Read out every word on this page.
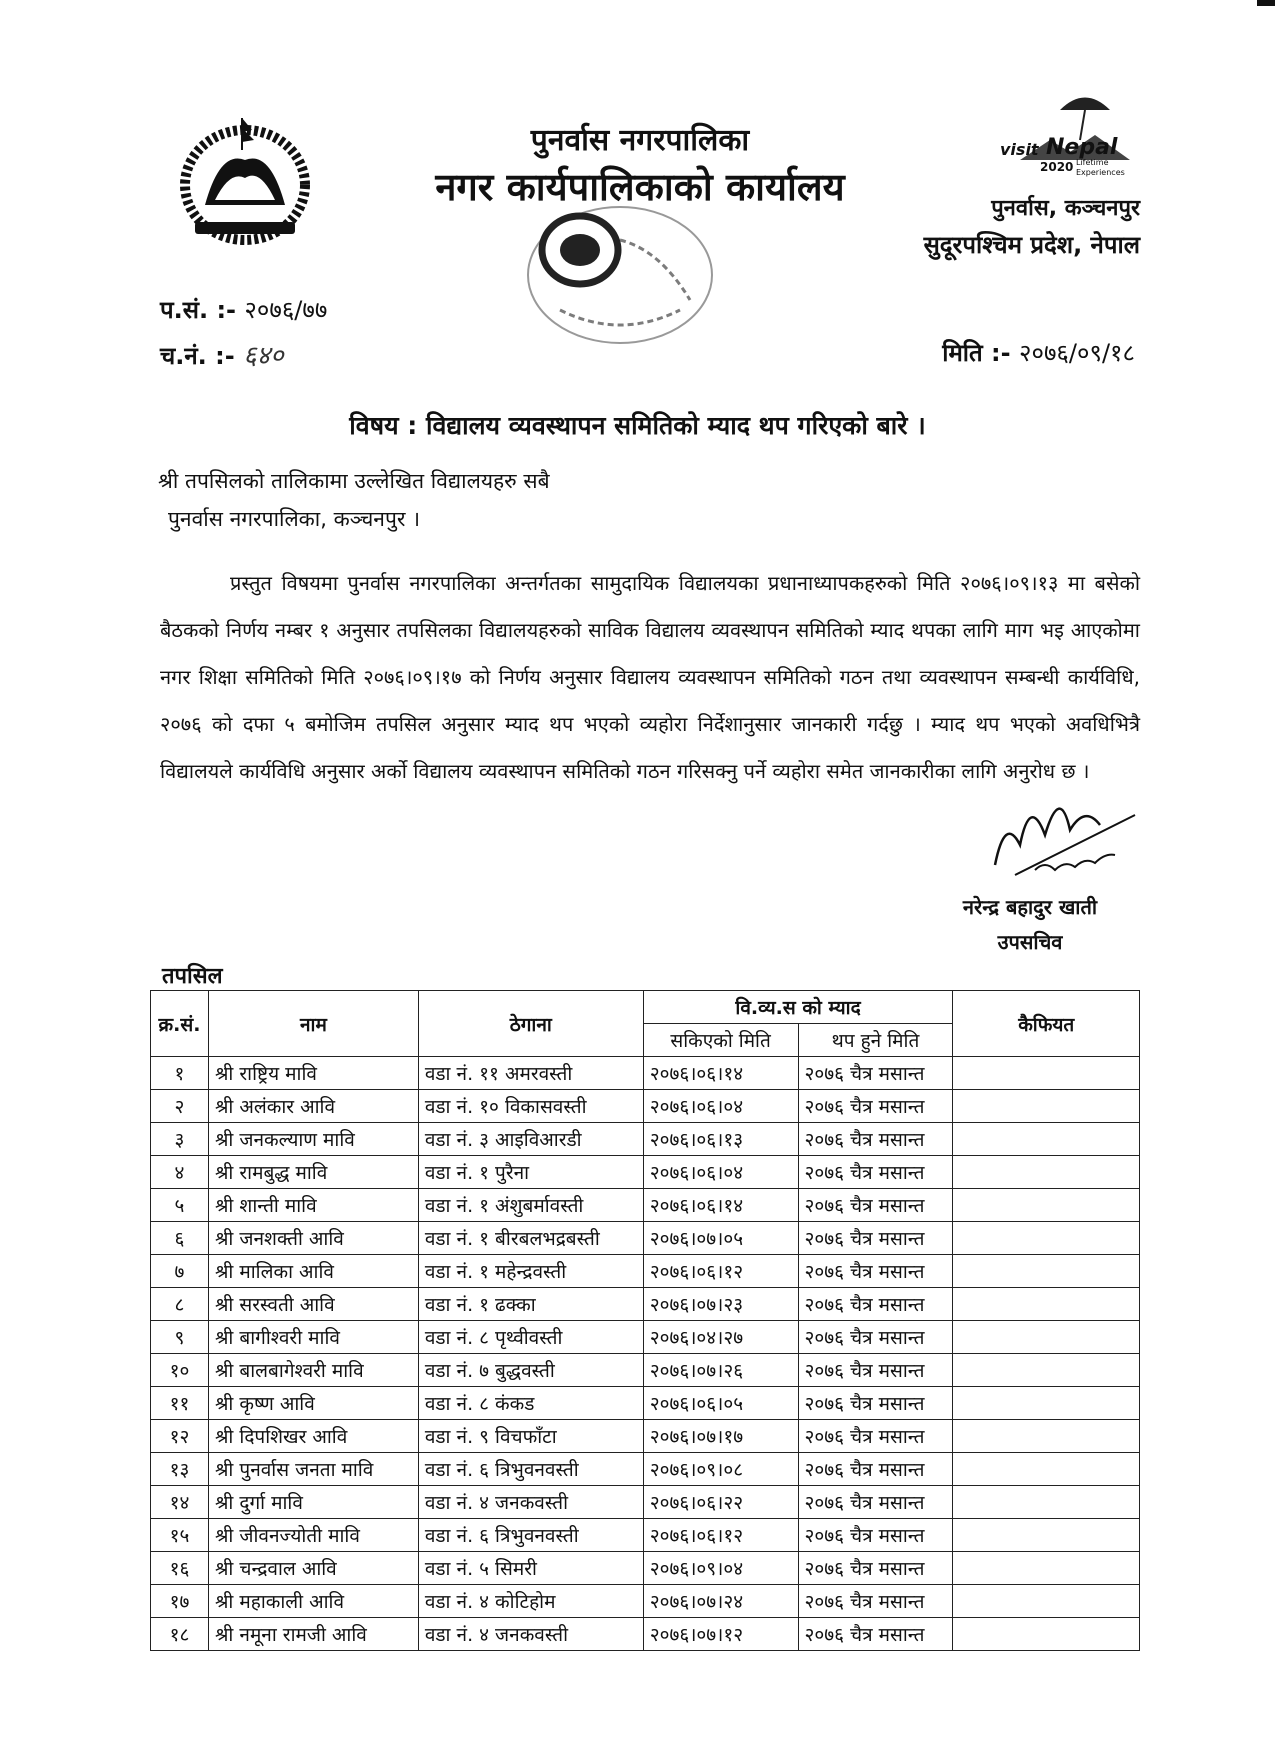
पुनर्वास नगरपालिका
नगर कार्यपालिकाको कार्यालय
visit Nepal
2020 Lifetime
Experiences
पुनर्वास, कञ्चनपुर
सुदूरपश्चिम प्रदेश, नेपाल
प.सं. :- २०७६/७७
च.नं. :- ६४०	मिति :- २०७६/०९/१८
विषय : विद्यालय व्यवस्थापन समितिको म्याद थप गरिएको बारे ।
श्री तपसिलको तालिकामा उल्लेखित विद्यालयहरु सबै
पुनर्वास नगरपालिका, कञ्चनपुर ।
प्रस्तुत विषयमा पुनर्वास नगरपालिका अन्तर्गतका सामुदायिक विद्यालयका प्रधानाध्यापकहरुको मिति २०७६।०९।१३ मा बसेको बैठकको निर्णय नम्बर १ अनुसार तपसिलका विद्यालयहरुको साविक विद्यालय व्यवस्थापन समितिको म्याद थपका लागि माग भइ आएकोमा नगर शिक्षा समितिको मिति २०७६।०९।१७ को निर्णय अनुसार विद्यालय व्यवस्थापन समितिको गठन तथा व्यवस्थापन सम्बन्धी कार्यविधि, २०७६ को दफा ५ बमोजिम तपसिल अनुसार म्याद थप भएको व्यहोरा निर्देशानुसार जानकारी गर्दछु । म्याद थप भएको अवधिभित्रै विद्यालयले कार्यविधि अनुसार अर्को विद्यालय व्यवस्थापन समितिको गठन गरिसक्नु पर्ने व्यहोरा समेत जानकारीका लागि अनुरोध छ ।
नरेन्द्र बहादुर खाती
उपसचिव
तपसिल
क्र.सं.	नाम	ठेगाना	वि.व्य.स को म्याद		कैफियत
			सकिएको मिति	थप हुने मिति	
१	श्री राष्ट्रिय मावि	वडा नं. ११ अमरवस्ती	२०७६।०६।१४	२०७६ चैत्र मसान्त	
२	श्री अलंकार आवि	वडा नं. १० विकासवस्ती	२०७६।०६।०४	२०७६ चैत्र मसान्त	
३	श्री जनकल्याण मावि	वडा नं. ३ आइविआरडी	२०७६।०६।१३	२०७६ चैत्र मसान्त	
४	श्री रामबुद्ध मावि	वडा नं. १ पुरैना	२०७६।०६।०४	२०७६ चैत्र मसान्त	
५	श्री शान्ती मावि	वडा नं. १ अंशुबर्मावस्ती	२०७६।०६।१४	२०७६ चैत्र मसान्त	
६	श्री जनशक्ती आवि	वडा नं. १ बीरबलभद्रबस्ती	२०७६।०७।०५	२०७६ चैत्र मसान्त	
७	श्री मालिका आवि	वडा नं. १ महेन्द्रवस्ती	२०७६।०६।१२	२०७६ चैत्र मसान्त	
८	श्री सरस्वती आवि	वडा नं. १ ढक्का	२०७६।०७।२३	२०७६ चैत्र मसान्त	
९	श्री बागीश्वरी मावि	वडा नं. ८ पृथ्वीवस्ती	२०७६।०४।२७	२०७६ चैत्र मसान्त	
१०	श्री बालबागेश्वरी मावि	वडा नं. ७ बुद्धवस्ती	२०७६।०७।२६	२०७६ चैत्र मसान्त	
११	श्री कृष्ण आवि	वडा नं. ८ कंकड	२०७६।०६।०५	२०७६ चैत्र मसान्त	
१२	श्री दिपशिखर आवि	वडा नं. ९ विचफाँटा	२०७६।०७।१७	२०७६ चैत्र मसान्त	
१३	श्री पुनर्वास जनता मावि	वडा नं. ६ त्रिभुवनवस्ती	२०७६।०९।०८	२०७६ चैत्र मसान्त	
१४	श्री दुर्गा मावि	वडा नं. ४ जनकवस्ती	२०७६।०६।२२	२०७६ चैत्र मसान्त	
१५	श्री जीवनज्योती मावि	वडा नं. ६ त्रिभुवनवस्ती	२०७६।०६।१२	२०७६ चैत्र मसान्त	
१६	श्री चन्द्रवाल आवि	वडा नं. ५ सिमरी	२०७६।०९।०४	२०७६ चैत्र मसान्त	
१७	श्री महाकाली आवि	वडा नं. ४ कोटिहोम	२०७६।०७।२४	२०७६ चैत्र मसान्त	
१८	श्री नमूना रामजी आवि	वडा नं. ४ जनकवस्ती	२०७६।०७।१२	२०७६ चैत्र मसान्त	
